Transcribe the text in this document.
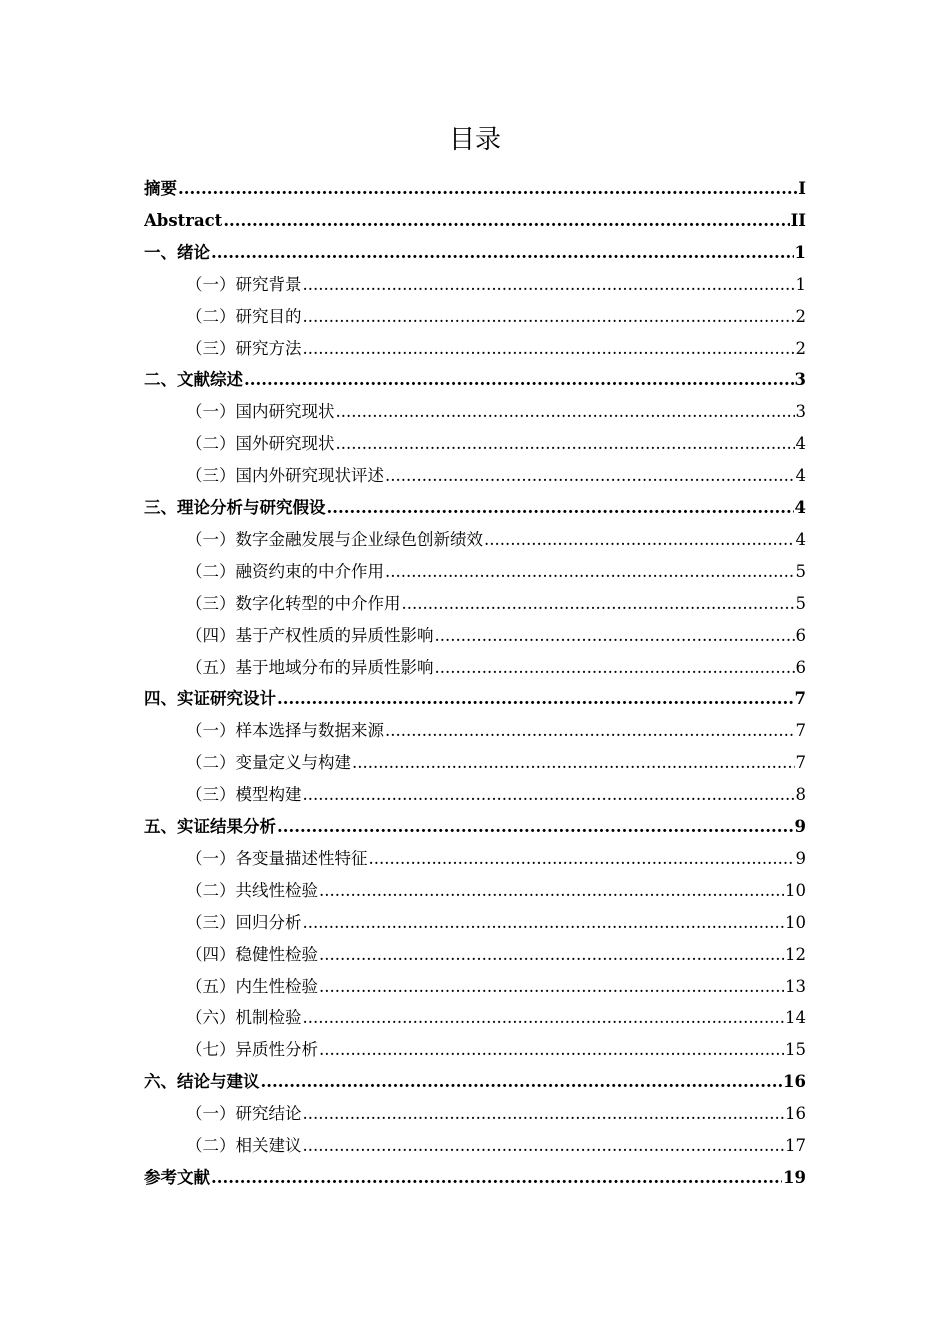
目录
摘要 .....	I
Abstract .....	II
一、绪论 .....	1
（一）研究背景 .....	1
（二）研究目的 .....	2
（三）研究方法 .....	2
二、文献综述 .....	3
（一）国内研究现状 .....	3
（二）国外研究现状 .....	4
（三）国内外研究现状评述 .....	4
三、理论分析与研究假设 .....	4
（一）数字金融发展与企业绿色创新绩效 .....	4
（二）融资约束的中介作用 .....	5
（三）数字化转型的中介作用 .....	5
（四）基于产权性质的异质性影响 .....	6
（五）基于地域分布的异质性影响 .....	6
四、实证研究设计 .....	7
（一）样本选择与数据来源 .....	7
（二）变量定义与构建 .....	7
（三）模型构建 .....	8
五、实证结果分析 .....	9
（一）各变量描述性特征 .....	9
（二）共线性检验 .....	10
（三）回归分析 .....	10
（四）稳健性检验 .....	12
（五）内生性检验 .....	13
（六）机制检验 .....	14
（七）异质性分析 .....	15
六、结论与建议 .....	16
（一）研究结论 .....	16
（二）相关建议 .....	17
参考文献 .....	19
